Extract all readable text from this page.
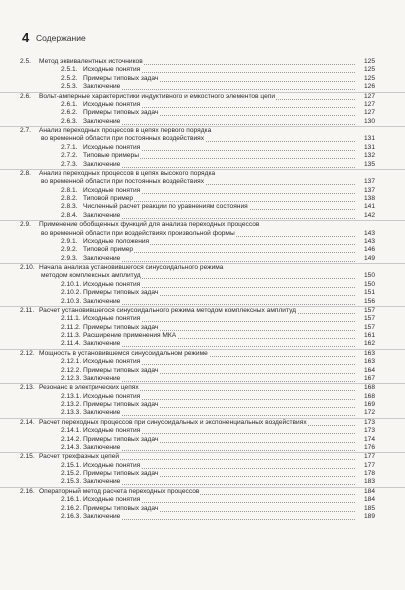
4 Содержание
2.5. Метод эквивалентных источников	125
2.5.1. Исходные понятия	125
2.5.2. Примеры типовых задач	125
2.5.3. Заключение	126
2.6. Вольт-амперные характеристики индуктивного и емкостного элементов цепи	127
2.6.1. Исходные понятия	127
2.6.2. Примеры типовых задач	127
2.6.3. Заключение	130
2.7. Анализ переходных процессов в цепях первого порядка
во временной области при постоянных воздействиях	131
2.7.1. Исходные понятия	131
2.7.2. Типовые примеры	132
2.7.3. Заключение	135
2.8. Анализ переходных процессов в цепях высокого порядка
во временной области при постоянных воздействиях	137
2.8.1. Исходные понятия	137
2.8.2. Типовой пример	138
2.8.3. Численный расчет реакции по уравнениям состояния	141
2.8.4. Заключение	142
2.9. Применение обобщенных функций для анализа переходных процессов
во временной области при воздействиях произвольной формы	143
2.9.1. Исходные положения	143
2.9.2. Типовой пример	146
2.9.3. Заключение	149
2.10. Начала анализа установившегося синусоидального режима
методом комплексных амплитуд	150
2.10.1. Исходные понятия	150
2.10.2. Примеры типовых задач	151
2.10.3. Заключение	156
2.11. Расчет установившегося синусоидального режима методом комплексных амплитуд	157
2.11.1. Исходные понятия	157
2.11.2. Примеры типовых задач	157
2.11.3. Расширение применения МКА	161
2.11.4. Заключение	162
2.12. Мощность в установившемся синусоидальном режиме	163
2.12.1. Исходные понятия	163
2.12.2. Примеры типовых задач	164
2.12.3. Заключение	167
2.13. Резонанс в электрических цепях	168
2.13.1. Исходные понятия	168
2.13.2. Примеры типовых задач	169
2.13.3. Заключение	172
2.14. Расчет переходных процессов при синусоидальных и экспоненциальных воздействиях	173
2.14.1. Исходные понятия	173
2.14.2. Примеры типовых задач	174
2.14.3. Заключение	176
2.15. Расчет трехфазных цепей	177
2.15.1. Исходные понятия	177
2.15.2. Примеры типовых задач	178
2.15.3. Заключение	183
2.16. Операторный метод расчета переходных процессов	184
2.16.1. Исходные понятия	184
2.16.2. Примеры типовых задач	185
2.16.3. Заключение	189
